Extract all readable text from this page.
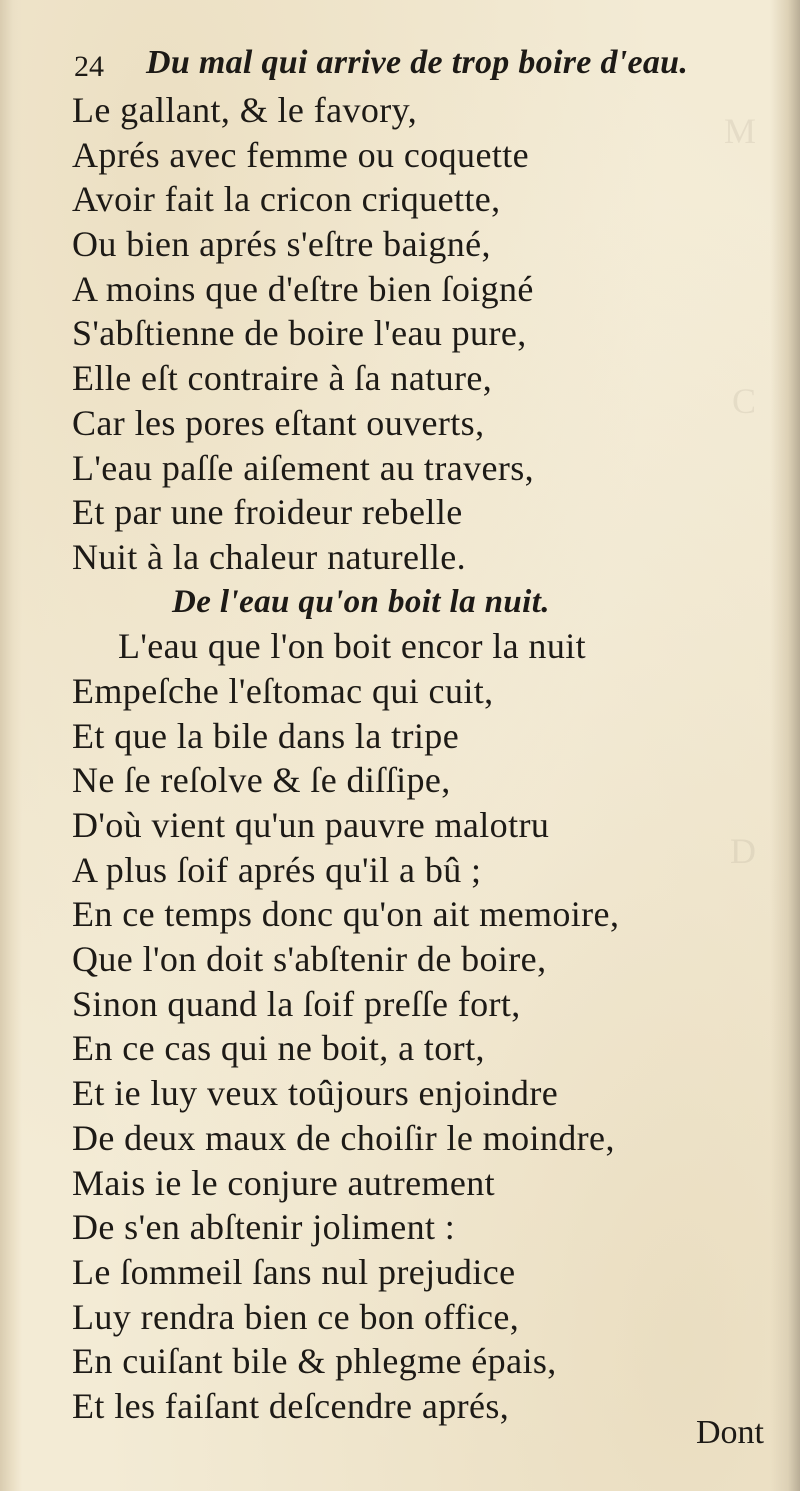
M
C
D
24 Du mal qui arrive de trop boire d'eau.
Le gallant, & le favory,
Aprés avec femme ou coquette
Avoir fait la cricon criquette,
Ou bien aprés s'eſtre baigné,
A moins que d'eſtre bien ſoigné
S'abſtienne de boire l'eau pure,
Elle eſt contraire à ſa nature,
Car les pores eſtant ouverts,
L'eau paſſe aiſement au travers,
Et par une froideur rebelle
Nuit à la chaleur naturelle.
De l'eau qu'on boit la nuit.
L'eau que l'on boit encor la nuit
Empeſche l'eſtomac qui cuit,
Et que la bile dans la tripe
Ne ſe reſolve & ſe diſſipe,
D'où vient qu'un pauvre malotru
A plus ſoif aprés qu'il a bû ;
En ce temps donc qu'on ait memoire,
Que l'on doit s'abſtenir de boire,
Sinon quand la ſoif preſſe fort,
En ce cas qui ne boit, a tort,
Et ie luy veux toûjours enjoindre
De deux maux de choiſir le moindre,
Mais ie le conjure autrement
De s'en abſtenir joliment :
Le ſommeil ſans nul prejudice
Luy rendra bien ce bon office,
En cuiſant bile & phlegme épais,
Et les faiſant deſcendre aprés,
Dont
